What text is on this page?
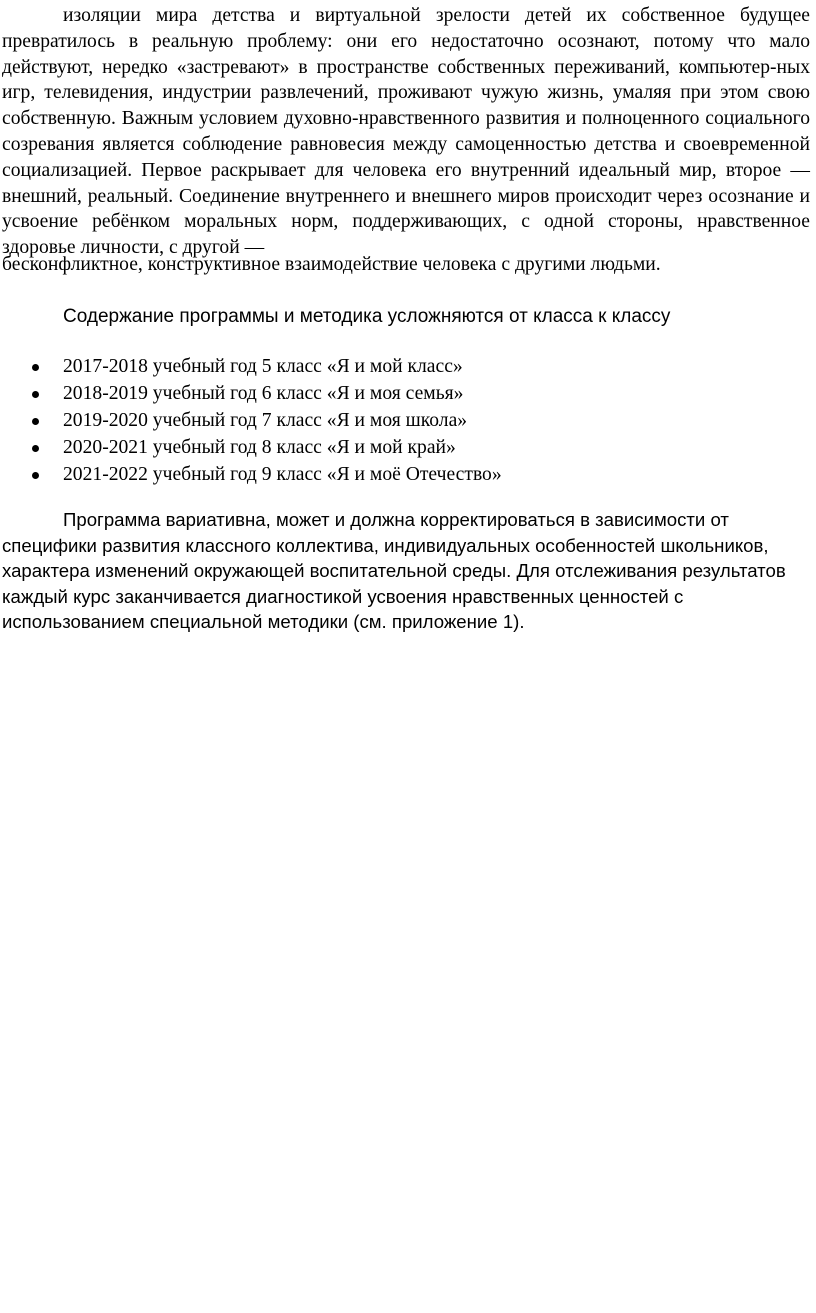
изоляции мира детства и виртуальной зрелости детей их собственное будущее превратилось в реальную проблему: они его недостаточно осознают, потому что мало действуют, нередко «застревают» в пространстве собственных переживаний, компьютер-ных игр, телевидения, индустрии развлечений, проживают чужую жизнь, умаляя при этом свою собственную. Важным условием духовно-нравственного развития и полноценного социального созревания является соблюдение равновесия между самоценностью детства и своевременной социализацией. Первое раскрывает для человека его внутренний идеальный мир, второе — внешний, реальный. Соединение внутреннего и внешнего миров происходит через осознание и усвоение ребёнком моральных норм, поддерживающих, с одной стороны, нравственное здоровье личности, с другой —

бесконфликтное, конструктивное взаимодействие человека с другими людьми.

Содержание программы и методика усложняются от класса к классу

2017-2018 учебный год 5 класс «Я и мой класс»
2018-2019 учебный год 6 класс «Я и моя семья»
2019-2020 учебный год 7 класс «Я и моя школа»
2020-2021 учебный год 8 класс «Я и мой край»
2021-2022 учебный год 9 класс «Я и моё Отечество»

Программа вариативна, может и должна корректироваться в зависимости от специфики развития классного коллектива, индивидуальных особенностей школьников, характера изменений окружающей воспитательной среды. Для отслеживания результатов каждый курс заканчивается диагностикой усвоения нравственных ценностей с использованием специальной методики (см. приложение 1).
